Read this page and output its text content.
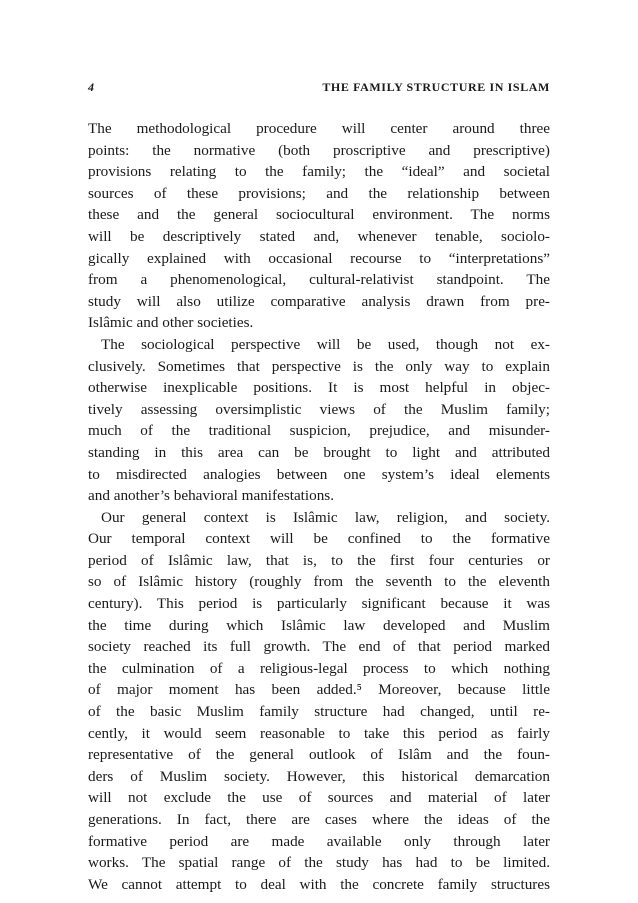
4	THE FAMILY STRUCTURE IN ISLAM
The methodological procedure will center around three
points: the normative (both proscriptive and prescriptive)
provisions relating to the family; the “ideal” and societal
sources of these provisions; and the relationship between
these and the general sociocultural environment. The norms
will be descriptively stated and, whenever tenable, sociolo-
gically explained with occasional recourse to “interpretations”
from a phenomenological, cultural-relativist standpoint. The
study will also utilize comparative analysis drawn from pre-
Islâmic and other societies.
The sociological perspective will be used, though not ex-
clusively. Sometimes that perspective is the only way to explain
otherwise inexplicable positions. It is most helpful in objec-
tively assessing oversimplistic views of the Muslim family;
much of the traditional suspicion, prejudice, and misunder-
standing in this area can be brought to light and attributed
to misdirected analogies between one system’s ideal elements
and another’s behavioral manifestations.
Our general context is Islâmic law, religion, and society.
Our temporal context will be confined to the formative
period of Islâmic law, that is, to the first four centuries or
so of Islâmic history (roughly from the seventh to the eleventh
century). This period is particularly significant because it was
the time during which Islâmic law developed and Muslim
society reached its full growth. The end of that period marked
the culmination of a religious-legal process to which nothing
of major moment has been added.⁵ Moreover, because little
of the basic Muslim family structure had changed, until re-
cently, it would seem reasonable to take this period as fairly
representative of the general outlook of Islâm and the foun-
ders of Muslim society. However, this historical demarcation
will not exclude the use of sources and material of later
generations. In fact, there are cases where the ideas of the
formative period are made available only through later
works. The spatial range of the study has had to be limited.
We cannot attempt to deal with the concrete family structures
